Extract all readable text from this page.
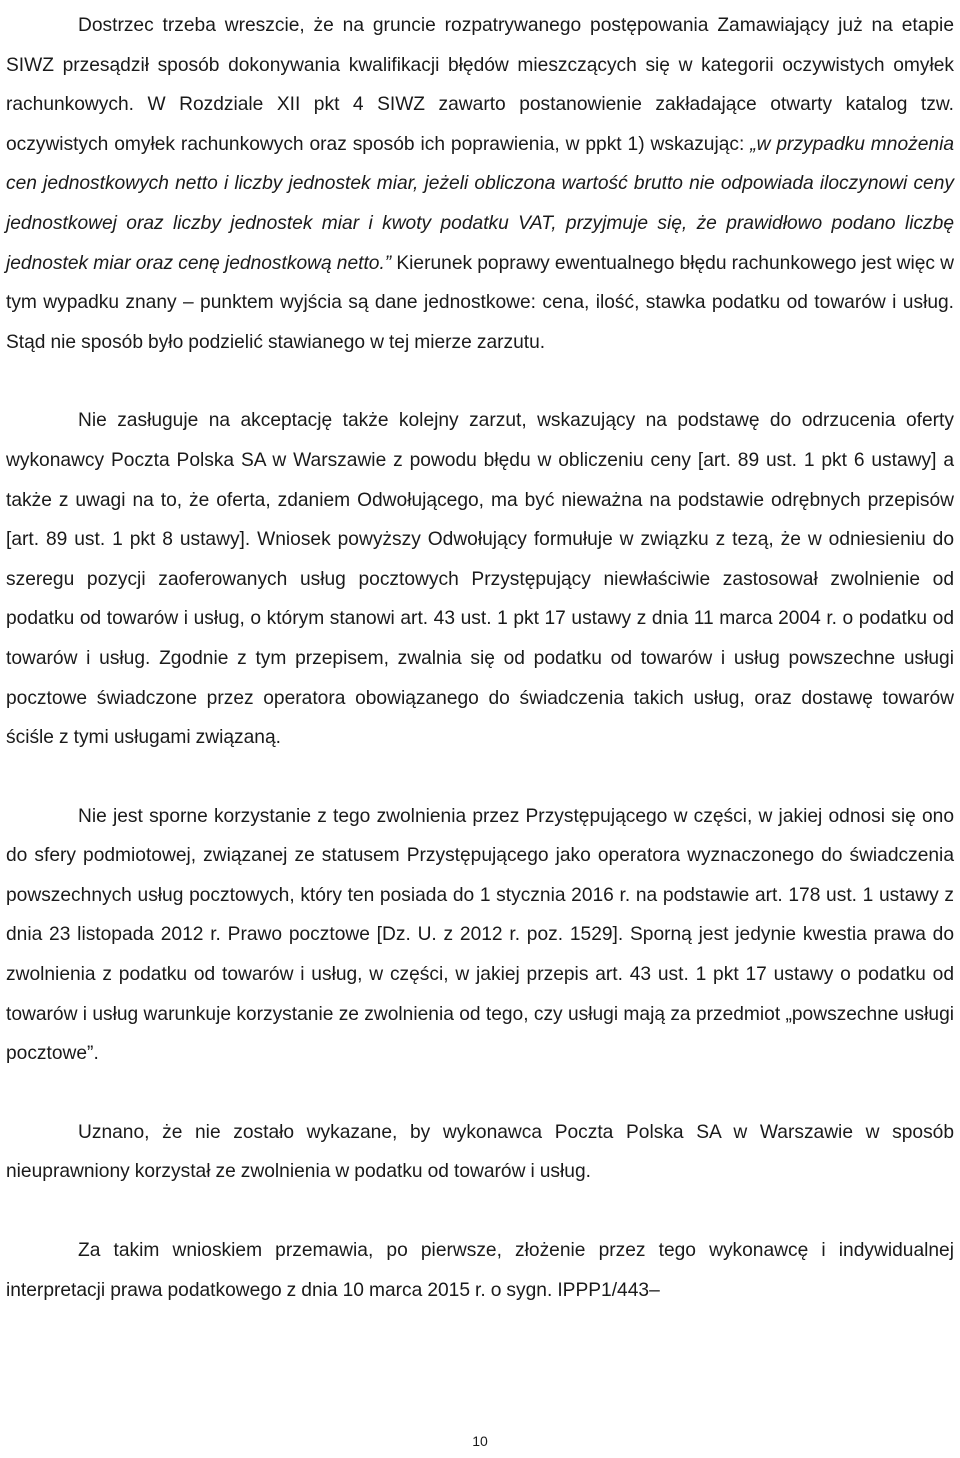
Dostrzec trzeba wreszcie, że na gruncie rozpatrywanego postępowania Zamawiający już na etapie SIWZ przesądził sposób dokonywania kwalifikacji błędów mieszczących się w kategorii oczywistych omyłek rachunkowych. W Rozdziale XII pkt 4 SIWZ zawarto postanowienie zakładające otwarty katalog tzw. oczywistych omyłek rachunkowych oraz sposób ich poprawienia, w ppkt 1) wskazując: „w przypadku mnożenia cen jednostkowych netto i liczby jednostek miar, jeżeli obliczona wartość brutto nie odpowiada iloczynowi ceny jednostkowej oraz liczby jednostek miar i kwoty podatku VAT, przyjmuje się, że prawidłowo podano liczbę jednostek miar oraz cenę jednostkową netto.” Kierunek poprawy ewentualnego błędu rachunkowego jest więc w tym wypadku znany – punktem wyjścia są dane jednostkowe: cena, ilość, stawka podatku od towarów i usług. Stąd nie sposób było podzielić stawianego w tej mierze zarzutu.

Nie zasługuje na akceptację także kolejny zarzut, wskazujący na podstawę do odrzucenia oferty wykonawcy Poczta Polska SA w Warszawie z powodu błędu w obliczeniu ceny [art. 89 ust. 1 pkt 6 ustawy] a także z uwagi na to, że oferta, zdaniem Odwołującego, ma być nieważna na podstawie odrębnych przepisów [art. 89 ust. 1 pkt 8 ustawy]. Wniosek powyższy Odwołujący formułuje w związku z tezą, że w odniesieniu do szeregu pozycji zaoferowanych usług pocztowych Przystępujący niewłaściwie zastosował zwolnienie od podatku od towarów i usług, o którym stanowi art. 43 ust. 1 pkt 17 ustawy z dnia 11 marca 2004 r. o podatku od towarów i usług. Zgodnie z tym przepisem, zwalnia się od podatku od towarów i usług powszechne usługi pocztowe świadczone przez operatora obowiązanego do świadczenia takich usług, oraz dostawę towarów ściśle z tymi usługami związaną.

Nie jest sporne korzystanie z tego zwolnienia przez Przystępującego w części, w jakiej odnosi się ono do sfery podmiotowej, związanej ze statusem Przystępującego jako operatora wyznaczonego do świadczenia powszechnych usług pocztowych, który ten posiada do 1 stycznia 2016 r. na podstawie art. 178 ust. 1 ustawy z dnia 23 listopada 2012 r. Prawo pocztowe [Dz. U. z 2012 r. poz. 1529]. Sporną jest jedynie kwestia prawa do zwolnienia z podatku od towarów i usług, w części, w jakiej przepis art. 43 ust. 1 pkt 17 ustawy o podatku od towarów i usług warunkuje korzystanie ze zwolnienia od tego, czy usługi mają za przedmiot „powszechne usługi pocztowe”.

Uznano, że nie zostało wykazane, by wykonawca Poczta Polska SA w Warszawie w sposób nieuprawniony korzystał ze zwolnienia w podatku od towarów i usług.

Za takim wnioskiem przemawia, po pierwsze, złożenie przez tego wykonawcę i indywidualnej interpretacji prawa podatkowego z dnia 10 marca 2015 r. o sygn. IPPP1/443–

10
